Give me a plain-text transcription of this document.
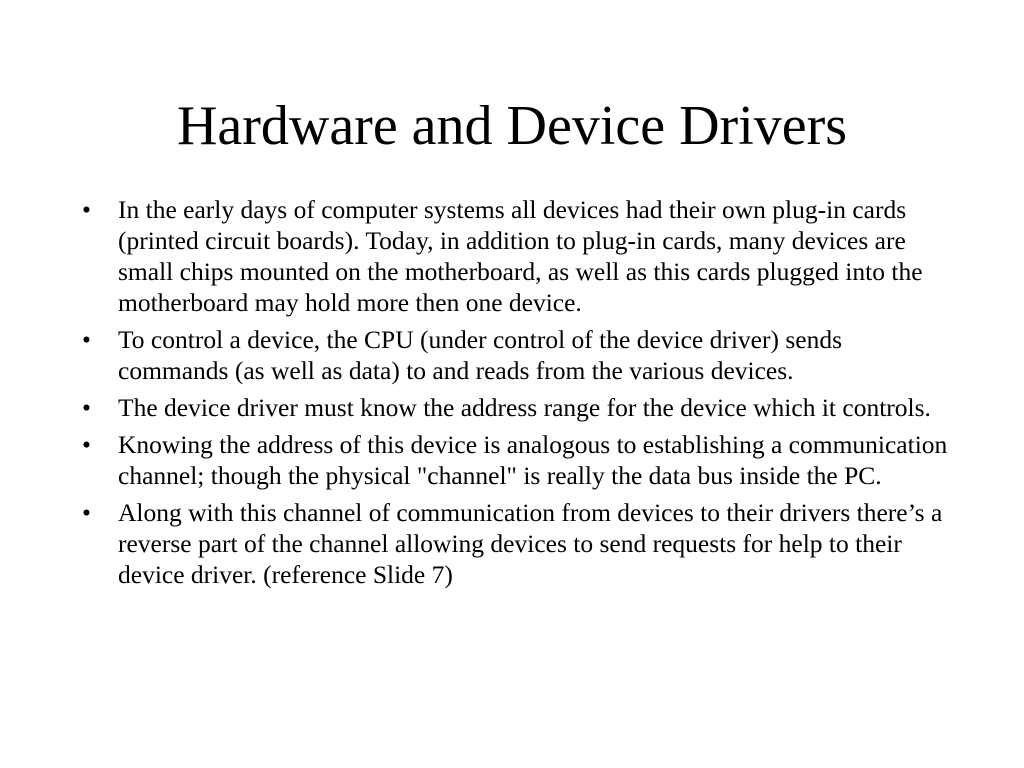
Hardware and Device Drivers
•	In the early days of computer systems all devices had their own plug-in cards (printed circuit boards). Today, in addition to plug-in cards, many devices are small chips mounted on the motherboard, as well as this cards plugged into the motherboard may hold more then one device.
•	To control a device, the CPU (under control of the device driver) sends commands (as well as data) to and reads from the various devices.
•	The device driver must know the address range for the device which it controls.
•	Knowing the address of this device is analogous to establishing a communication channel; though the physical "channel" is really the data bus inside the PC.
•	Along with this channel of communication from devices to their drivers there’s a reverse part of the channel allowing devices to send requests for help to their device driver. (reference Slide 7)
